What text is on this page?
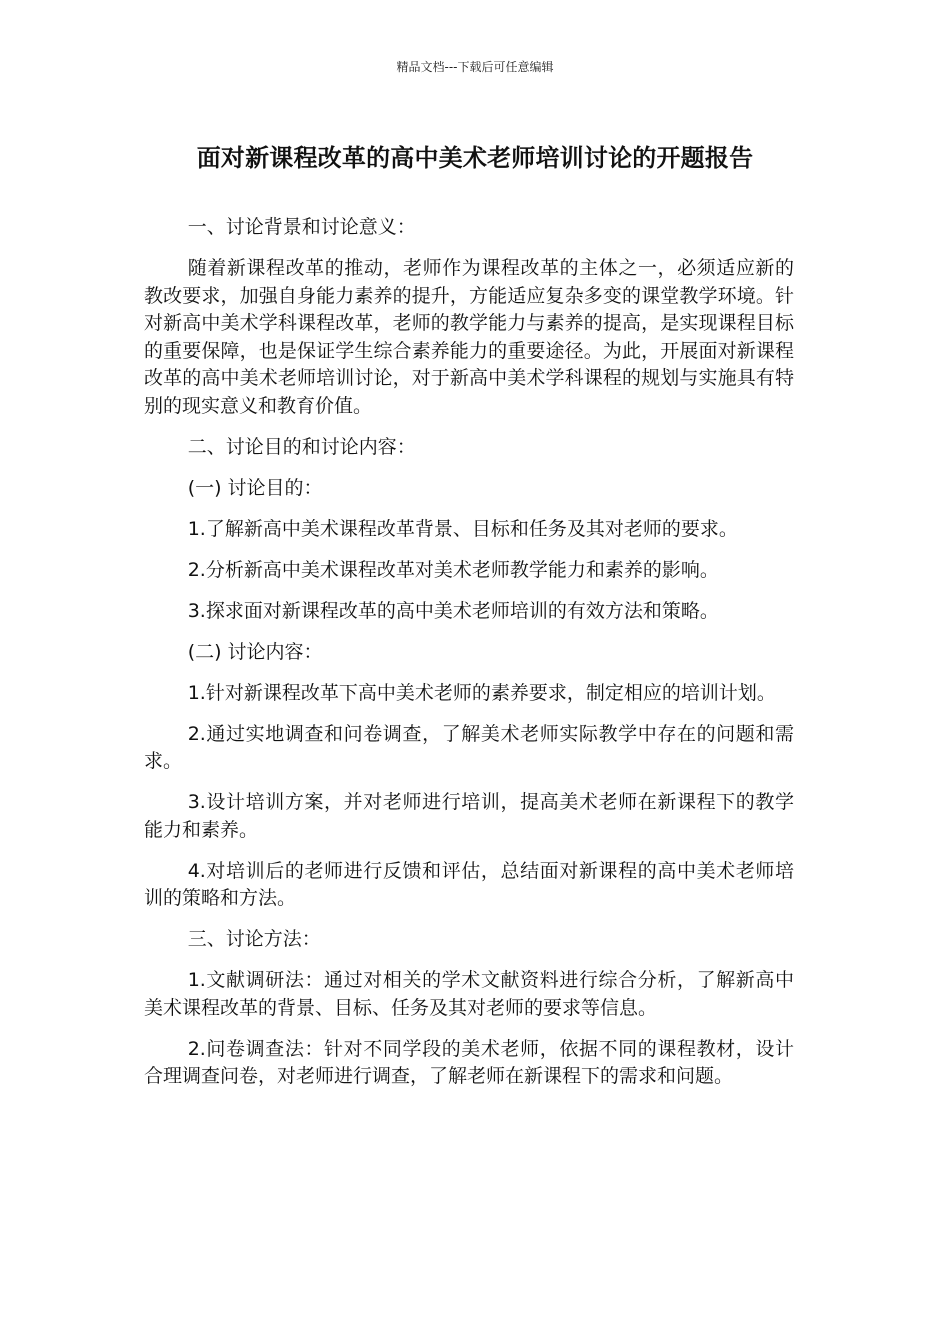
精品文档---下载后可任意编辑
面对新课程改革的高中美术老师培训讨论的开题报告

一、讨论背景和讨论意义：

随着新课程改革的推动，老师作为课程改革的主体之一，必须适应新的教改要求，加强自身能力素养的提升，方能适应复杂多变的课堂教学环境。针对新高中美术学科课程改革，老师的教学能力与素养的提高，是实现课程目标的重要保障，也是保证学生综合素养能力的重要途径。为此，开展面对新课程改革的高中美术老师培训讨论，对于新高中美术学科课程的规划与实施具有特别的现实意义和教育价值。

二、讨论目的和讨论内容：

(一) 讨论目的：

1.了解新高中美术课程改革背景、目标和任务及其对老师的要求。

2.分析新高中美术课程改革对美术老师教学能力和素养的影响。

3.探求面对新课程改革的高中美术老师培训的有效方法和策略。

(二) 讨论内容：

1.针对新课程改革下高中美术老师的素养要求，制定相应的培训计划。

2.通过实地调查和问卷调查，了解美术老师实际教学中存在的问题和需求。

3.设计培训方案，并对老师进行培训，提高美术老师在新课程下的教学能力和素养。

4.对培训后的老师进行反馈和评估，总结面对新课程的高中美术老师培训的策略和方法。

三、讨论方法：

1.文献调研法：通过对相关的学术文献资料进行综合分析，了解新高中美术课程改革的背景、目标、任务及其对老师的要求等信息。

2.问卷调查法：针对不同学段的美术老师，依据不同的课程教材，设计合理调查问卷，对老师进行调查，了解老师在新课程下的需求和问题。
